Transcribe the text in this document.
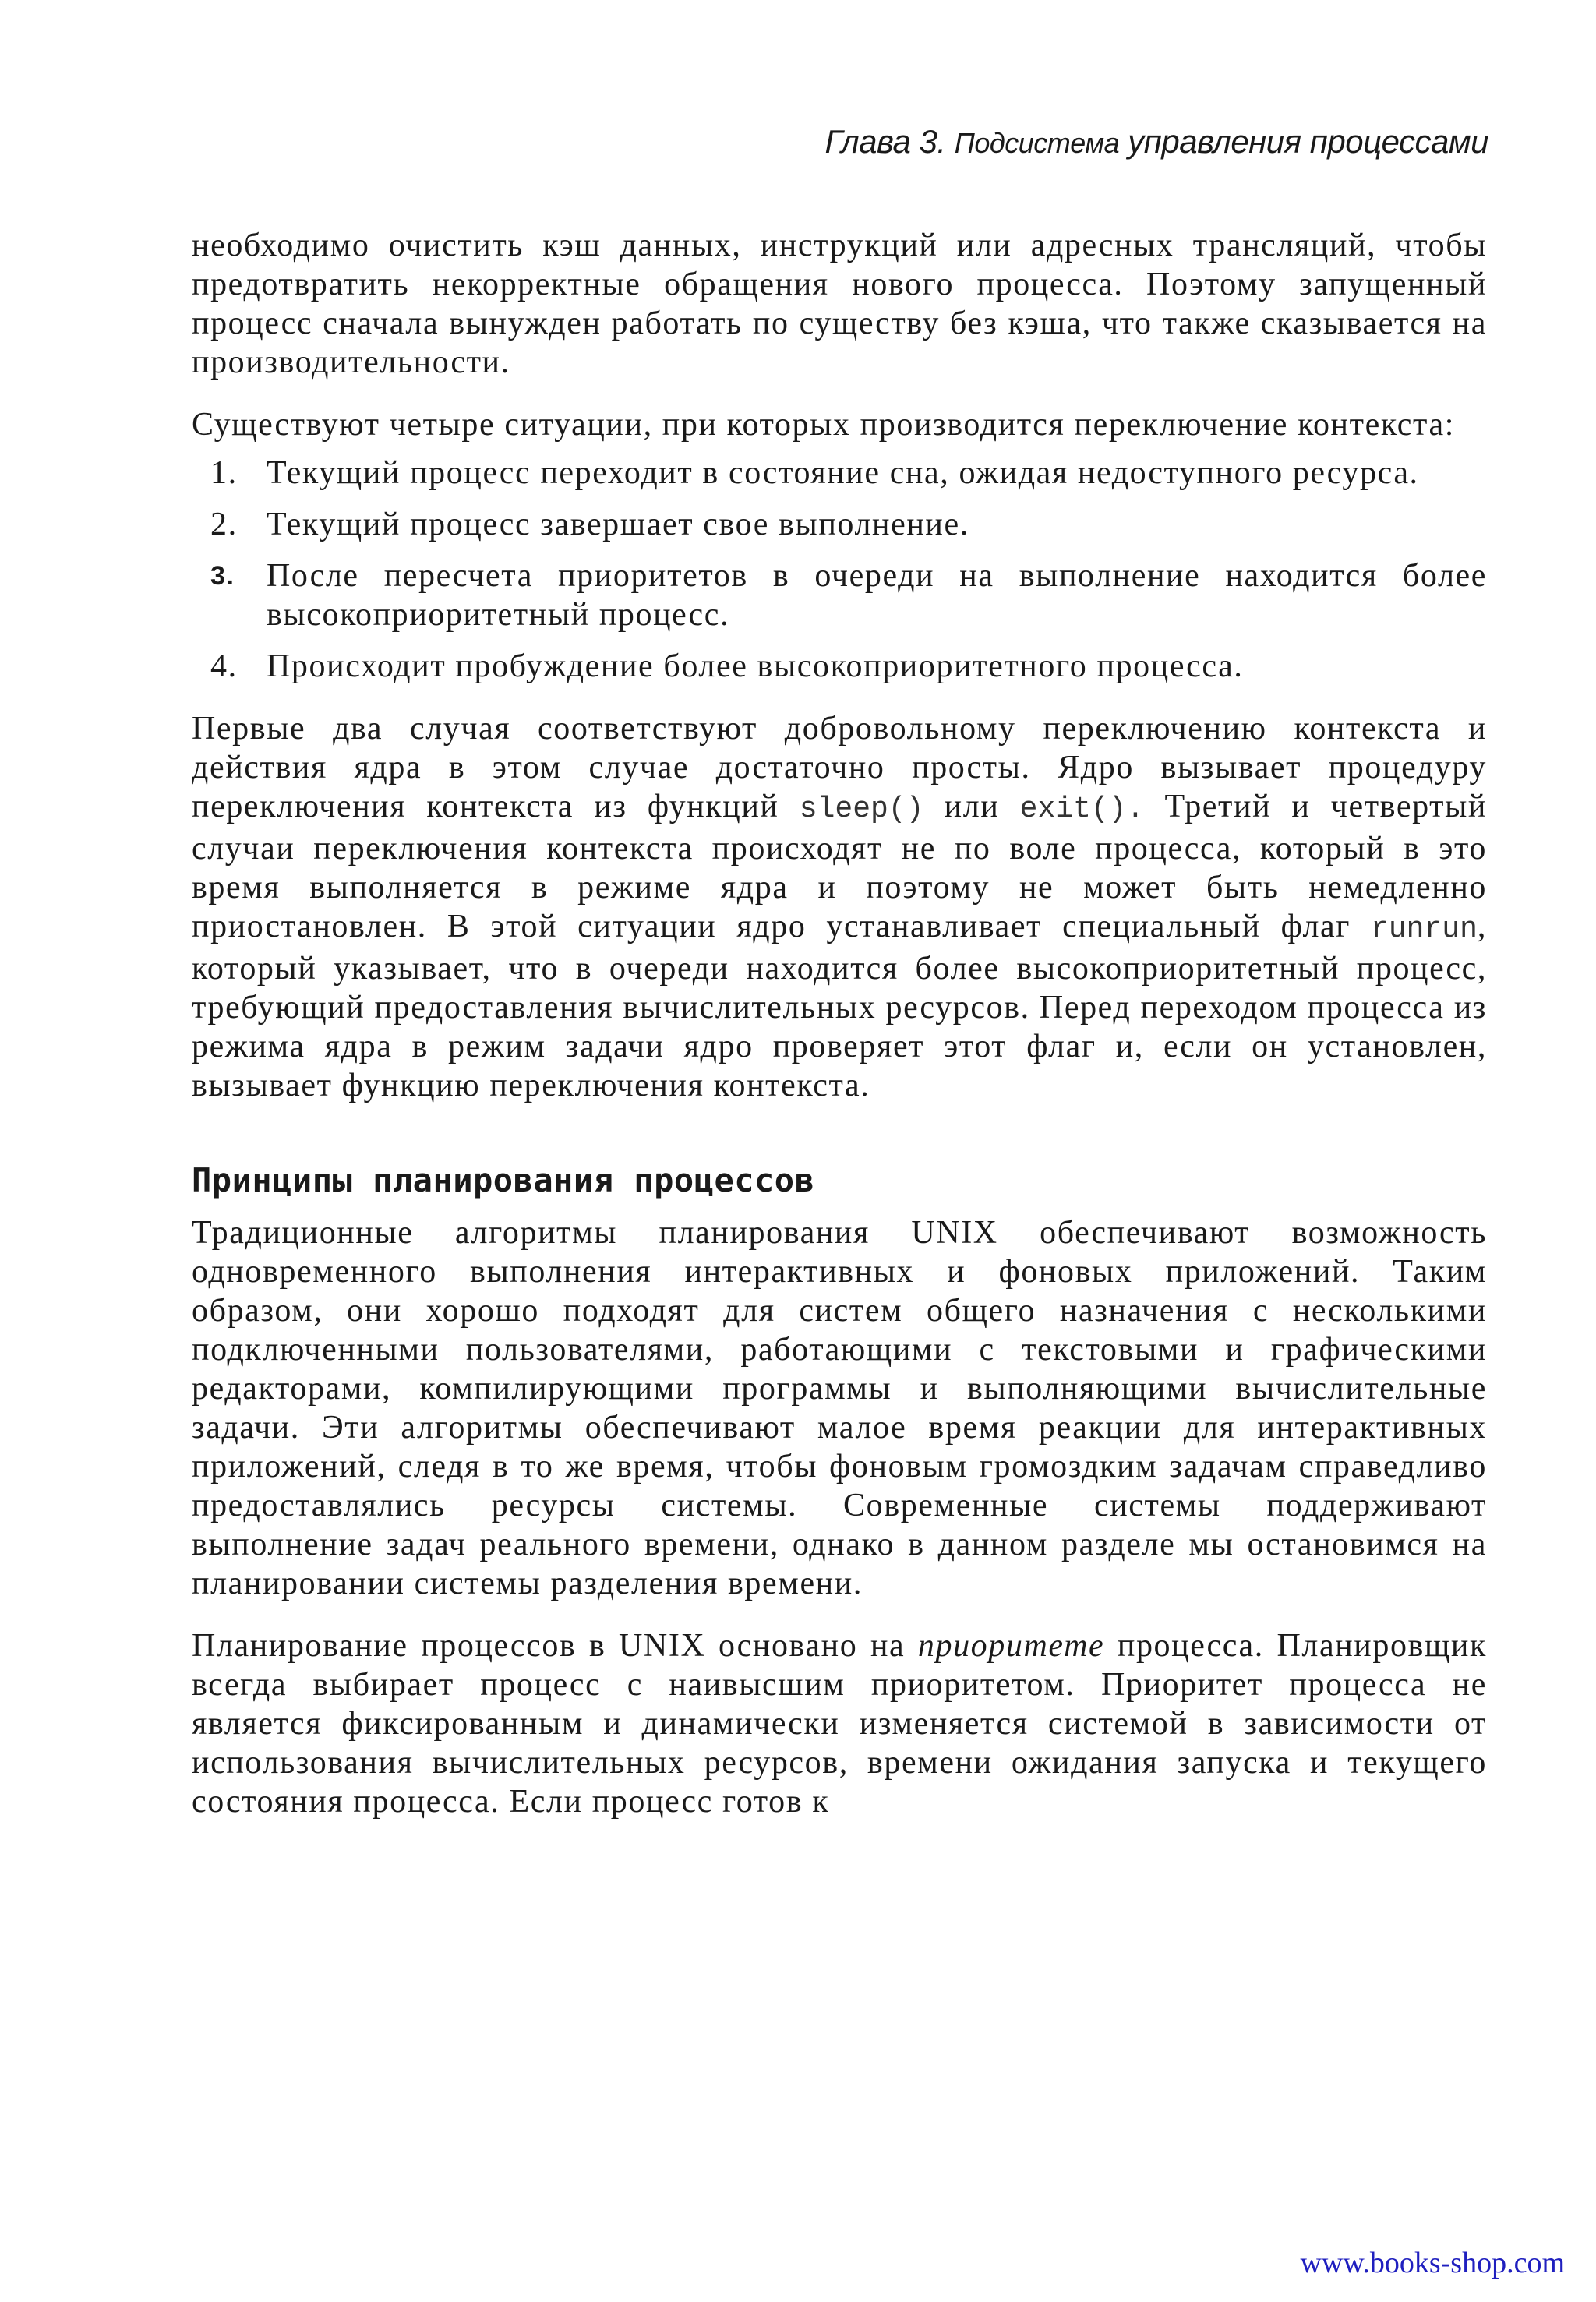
Глава 3. Подсистема управления процессами

необходимо очистить кэш данных, инструкций или адресных трансляций, чтобы предотвратить некорректные обращения нового процесса. Поэтому запущенный процесс сначала вынужден работать по существу без кэша, что также сказывается на производительности.

Существуют четыре ситуации, при которых производится переключение контекста:

1. Текущий процесс переходит в состояние сна, ожидая недоступного ресурса.
2. Текущий процесс завершает свое выполнение.
3. После пересчета приоритетов в очереди на выполнение находится более высокоприоритетный процесс.
4. Происходит пробуждение более высокоприоритетного процесса.

Первые два случая соответствуют добровольному переключению контекста и действия ядра в этом случае достаточно просты. Ядро вызывает процедуру переключения контекста из функций sleep() или exit(). Третий и четвертый случаи переключения контекста происходят не по воле процесса, который в это время выполняется в режиме ядра и поэтому не может быть немедленно приостановлен. В этой ситуации ядро устанавливает специальный флаг runrun, который указывает, что в очереди находится более высокоприоритетный процесс, требующий предоставления вычислительных ресурсов. Перед переходом процесса из режима ядра в режим задачи ядро проверяет этот флаг и, если он установлен, вызывает функцию переключения контекста.

Принципы планирования процессов

Традиционные алгоритмы планирования UNIX обеспечивают возможность одновременного выполнения интерактивных и фоновых приложений. Таким образом, они хорошо подходят для систем общего назначения с несколькими подключенными пользователями, работающими с текстовыми и графическими редакторами, компилирующими программы и выполняющими вычислительные задачи. Эти алгоритмы обеспечивают малое время реакции для интерактивных приложений, следя в то же время, чтобы фоновым громоздким задачам справедливо предоставлялись ресурсы системы. Современные системы поддерживают выполнение задач реального времени, однако в данном разделе мы остановимся на планировании системы разделения времени.

Планирование процессов в UNIX основано на приоритете процесса. Планировщик всегда выбирает процесс с наивысшим приоритетом. Приоритет процесса не является фиксированным и динамически изменяется системой в зависимости от использования вычислительных ресурсов, времени ожидания запуска и текущего состояния процесса. Если процесс готов к

www.books-shop.com
